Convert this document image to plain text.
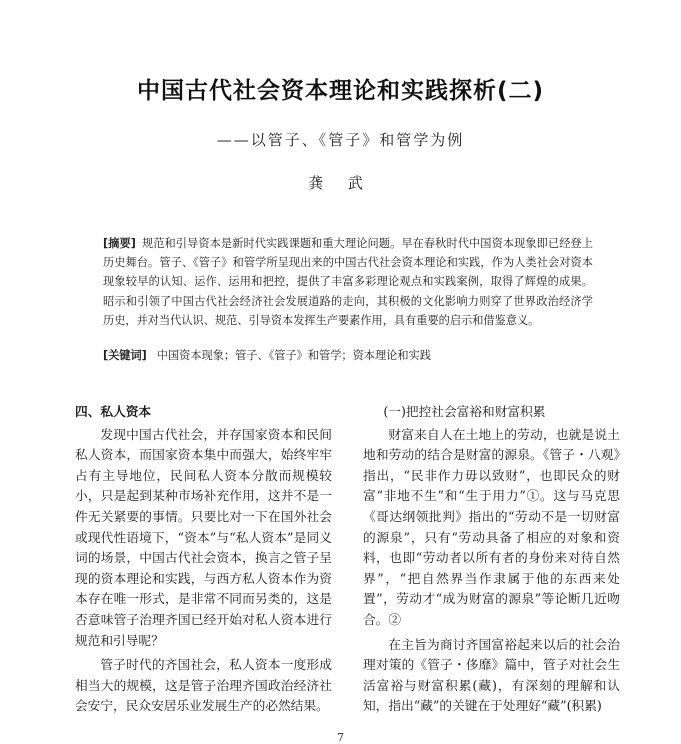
中国古代社会资本理论和实践探析(二)
——以管子、《管子》和管学为例
龚 武
[摘要] 规范和引导资本是新时代实践课题和重大理论问题。早在春秋时代中国资本现象即已经登上历史舞台。管子、《管子》和管学所呈现出来的中国古代社会资本理论和实践，作为人类社会对资本现象较早的认知、运作、运用和把控，提供了丰富多彩理论观点和实践案例，取得了辉煌的成果。昭示和引领了中国古代社会经济社会发展道路的走向，其积极的文化影响力则穿了世界政治经济学历史，并对当代认识、规范、引导资本发挥生产要素作用，具有重要的启示和借鉴意义。
[关键词] 中国资本现象；管子、《管子》和管学；资本理论和实践
四、私人资本

发现中国古代社会，并存国家资本和民间私人资本，而国家资本集中而强大，始终牢牢占有主导地位，民间私人资本分散而规模较小，只是起到某种市场补充作用，这并不是一件无关紧要的事情。只要比对一下在国外社会或现代性语境下，“资本”与“私人资本”是同义词的场景，中国古代社会资本，换言之管子呈现的资本理论和实践，与西方私人资本作为资本存在唯一形式，是非常不同而另类的，这是否意味管子治理齐国已经开始对私人资本进行规范和引导呢？

管子时代的齐国社会，私人资本一度形成相当大的规模，这是管子治理齐国政治经济社会安宁，民众安居乐业发展生产的必然结果。

(一)把控社会富裕和财富积累

财富来自人在土地上的劳动，也就是说土地和劳动的结合是财富的源泉。《管子・八观》指出，“民非作力毋以致财”，也即民众的财富“非地不生”和“生于用力”①。这与马克思《哥达纲领批判》指出的“劳动不是一切财富的源泉”，只有“劳动具备了相应的对象和资料，也即“劳动者以所有者的身份来对待自然界”，“把自然界当作隶属于他的东西来处置”，劳动才“成为财富的源泉”等论断几近吻合。②

在主旨为商讨齐国富裕起来以后的社会治理对策的《管子・侈靡》篇中，管子对社会生活富裕与财富积累(藏)，有深刻的理解和认知，指出“藏”的关键在于处理好“藏”(积累)

7
